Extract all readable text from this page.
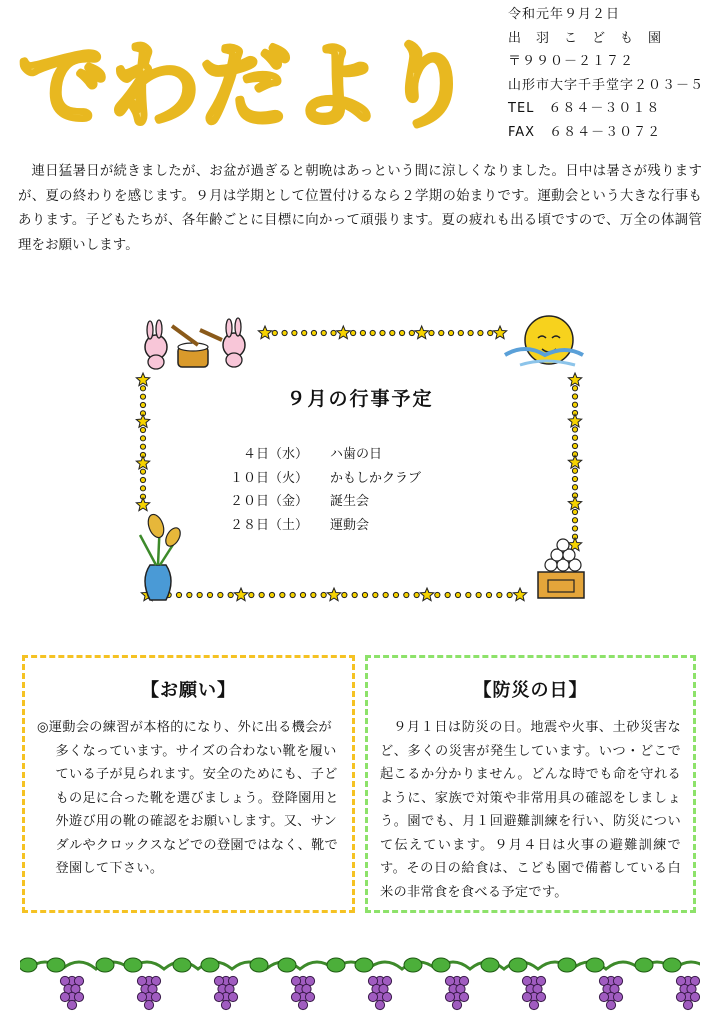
でわだより
令和元年９月２日
出　羽　こ　ど　も　園
〒９９０－２１７２
山形市大字千手堂字２０３－５
TEL　６８４－３０１８
FAX　６８４－３０７２
連日猛暑日が続きましたが、お盆が過ぎると朝晩はあっという間に涼しくなりました。日中は暑さが残りますが、夏の終わりを感じます。９月は学期として位置付けるなら２学期の始まりです。運動会という大きな行事もあります。子どもたちが、各年齢ごとに目標に向かって頑張ります。夏の疲れも出る頃ですので、万全の体調管理をお願いします。
９月の行事予定
４日（水）	ハ歯の日
１０日（火）	かもしかクラブ
２０日（金）	誕生会
２８日（土）	運動会
【お願い】
◎運動会の練習が本格的になり、外に出る機会が多くなっています。サイズの合わない靴を履いている子が見られます。安全のためにも、子どもの足に合った靴を選びましょう。登降園用と外遊び用の靴の確認をお願いします。又、サンダルやクロックスなどでの登園ではなく、靴で登園して下さい。
【防災の日】
９月１日は防災の日。地震や火事、土砂災害など、多くの災害が発生しています。いつ・どこで起こるか分かりません。どんな時でも命を守れるように、家族で対策や非常用具の確認をしましょう。園でも、月１回避難訓練を行い、防災について伝えています。９月４日は火事の避難訓練です。その日の給食は、こども園で備蓄している白米の非常食を食べる予定です。
